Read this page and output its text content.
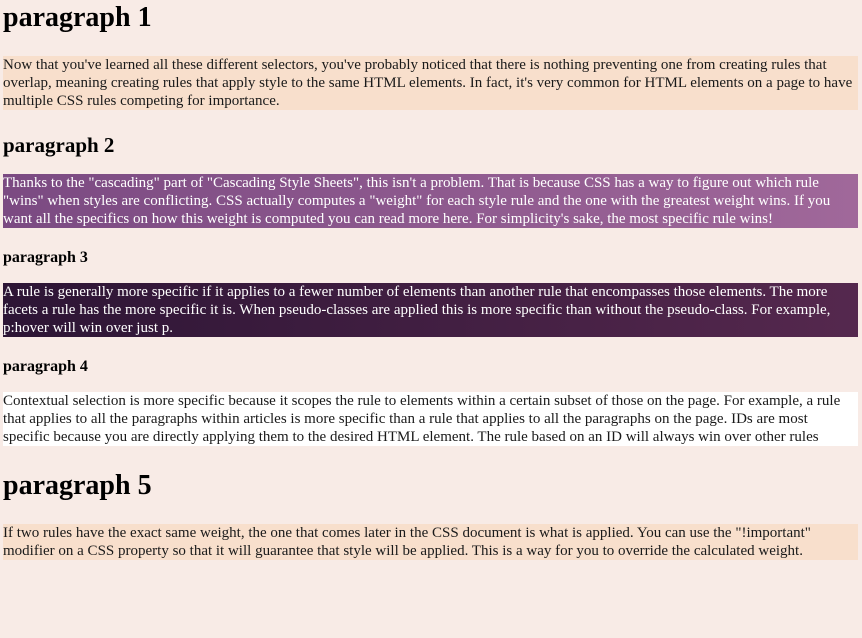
paragraph 1

Now that you've learned all these different selectors, you've probably noticed that there is nothing preventing one from creating rules that overlap, meaning creating rules that apply style to the same HTML elements. In fact, it's very common for HTML elements on a page to have multiple CSS rules competing for importance.

paragraph 2

Thanks to the "cascading" part of "Cascading Style Sheets", this isn't a problem. That is because CSS has a way to figure out which rule "wins" when styles are conflicting. CSS actually computes a "weight" for each style rule and the one with the greatest weight wins. If you want all the specifics on how this weight is computed you can read more here. For simplicity's sake, the most specific rule wins!

paragraph 3

A rule is generally more specific if it applies to a fewer number of elements than another rule that encompasses those elements. The more facets a rule has the more specific it is. When pseudo-classes are applied this is more specific than without the pseudo-class. For example, p:hover will win over just p.

paragraph 4

Contextual selection is more specific because it scopes the rule to elements within a certain subset of those on the page. For example, a rule that applies to all the paragraphs within articles is more specific than a rule that applies to all the paragraphs on the page. IDs are most specific because you are directly applying them to the desired HTML element. The rule based on an ID will always win over other rules

paragraph 5

If two rules have the exact same weight, the one that comes later in the CSS document is what is applied. You can use the "!important" modifier on a CSS property so that it will guarantee that style will be applied. This is a way for you to override the calculated weight.
